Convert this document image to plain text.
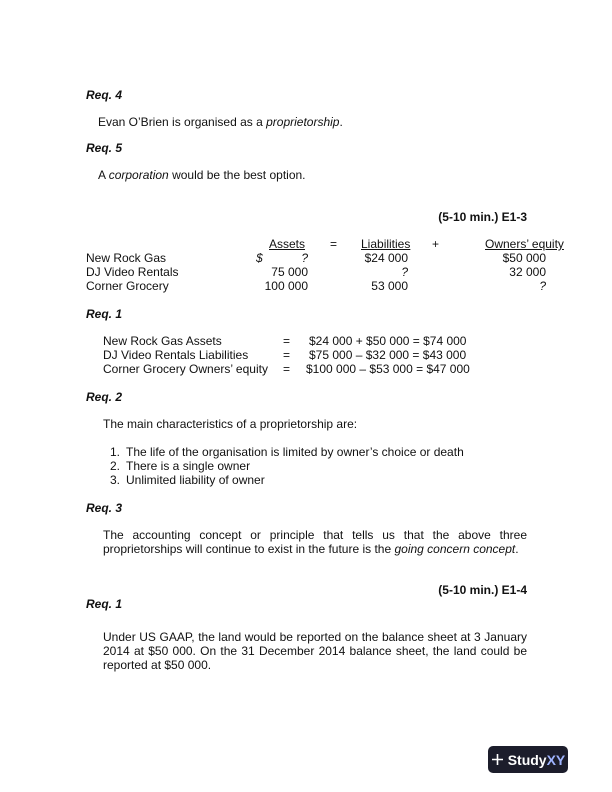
Req. 4
Evan O’Brien is organised as a proprietorship.
Req. 5
A corporation would be the best option.
(5-10 min.) E1-3
Assets = Liabilities +	Owners’ equity
New Rock Gas	$	?	$24 000	$50 000
DJ Video Rentals	75 000	?	32 000
Corner Grocery	100 000	53 000	?
Req. 1
New Rock Gas Assets	= $24 000 + $50 000 = $74 000
DJ Video Rentals Liabilities	= $75 000 – $32 000 = $43 000
Corner Grocery Owners’ equity = $100 000 – $53 000 = $47 000
Req. 2
The main characteristics of a proprietorship are:
1. The life of the organisation is limited by owner’s choice or death
2. There is a single owner
3. Unlimited liability of owner
Req. 3
The accounting concept or principle that tells us that the above three proprietorships will continue to exist in the future is the going concern concept.
(5-10 min.) E1-4
Req. 1
Under US GAAP, the land would be reported on the balance sheet at 3 January 2014 at $50 000. On the 31 December 2014 balance sheet, the land could be reported at $50 000.
Study XY
